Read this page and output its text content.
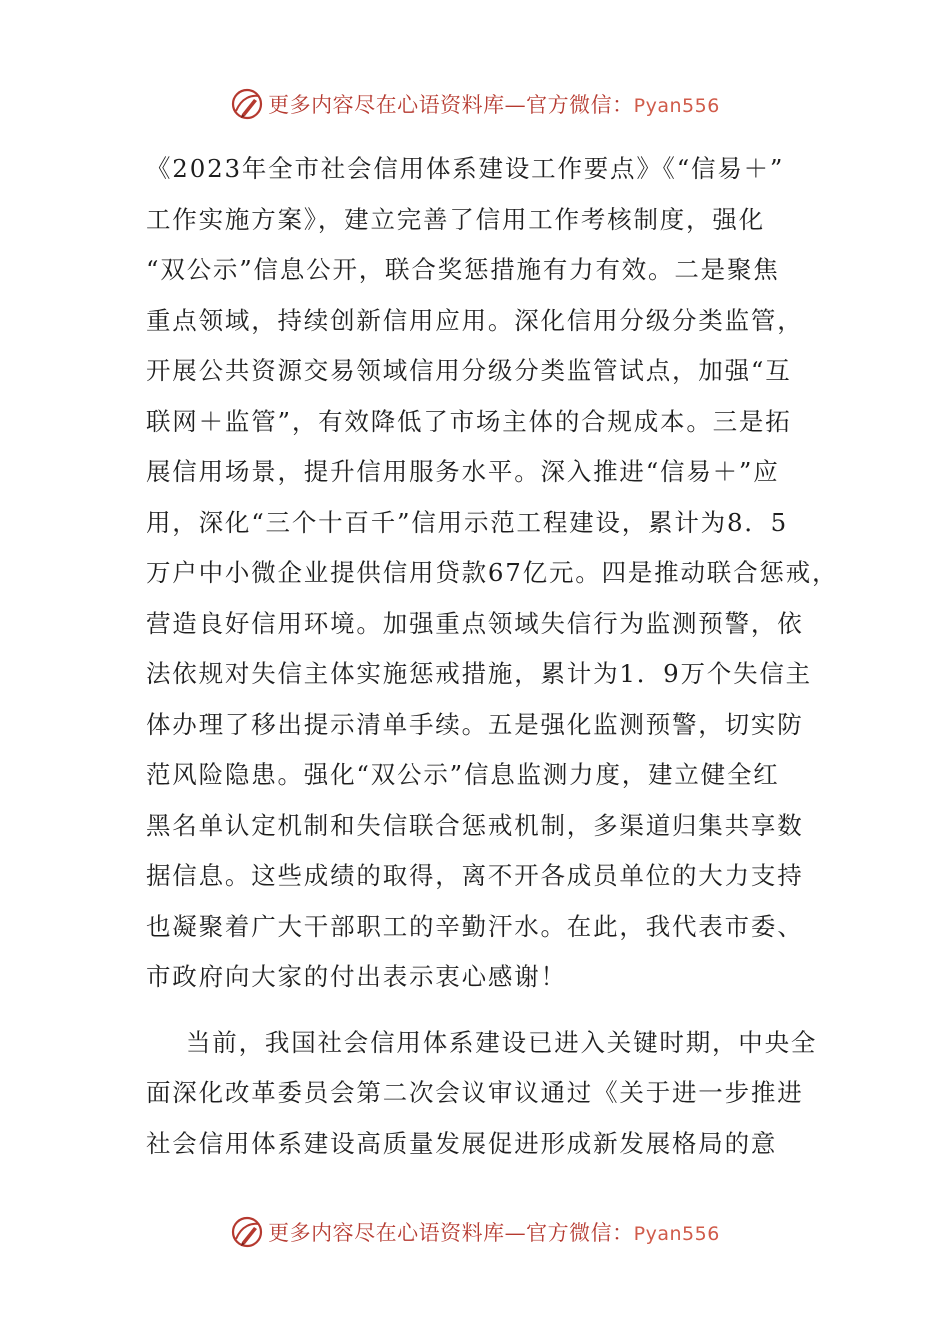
更多内容尽在心语资料库—官方微信：Pyan556
《2023年全市社会信用体系建设工作要点》《“信易＋”
工作实施方案》，建立完善了信用工作考核制度，强化
“双公示”信息公开，联合奖惩措施有力有效。二是聚焦
重点领域，持续创新信用应用。深化信用分级分类监管，
开展公共资源交易领域信用分级分类监管试点，加强“互
联网＋监管”，有效降低了市场主体的合规成本。三是拓
展信用场景，提升信用服务水平。深入推进“信易＋”应
用，深化“三个十百千”信用示范工程建设，累计为8．5
万户中小微企业提供信用贷款67亿元。四是推动联合惩戒，
营造良好信用环境。加强重点领域失信行为监测预警，依
法依规对失信主体实施惩戒措施，累计为1．9万个失信主
体办理了移出提示清单手续。五是强化监测预警，切实防
范风险隐患。强化“双公示”信息监测力度，建立健全红
黑名单认定机制和失信联合惩戒机制，多渠道归集共享数
据信息。这些成绩的取得，离不开各成员单位的大力支持
也凝聚着广大干部职工的辛勤汗水。在此，我代表市委、
市政府向大家的付出表示衷心感谢！
当前，我国社会信用体系建设已进入关键时期，中央全
面深化改革委员会第二次会议审议通过《关于进一步推进
社会信用体系建设高质量发展促进形成新发展格局的意
更多内容尽在心语资料库—官方微信：Pyan556
